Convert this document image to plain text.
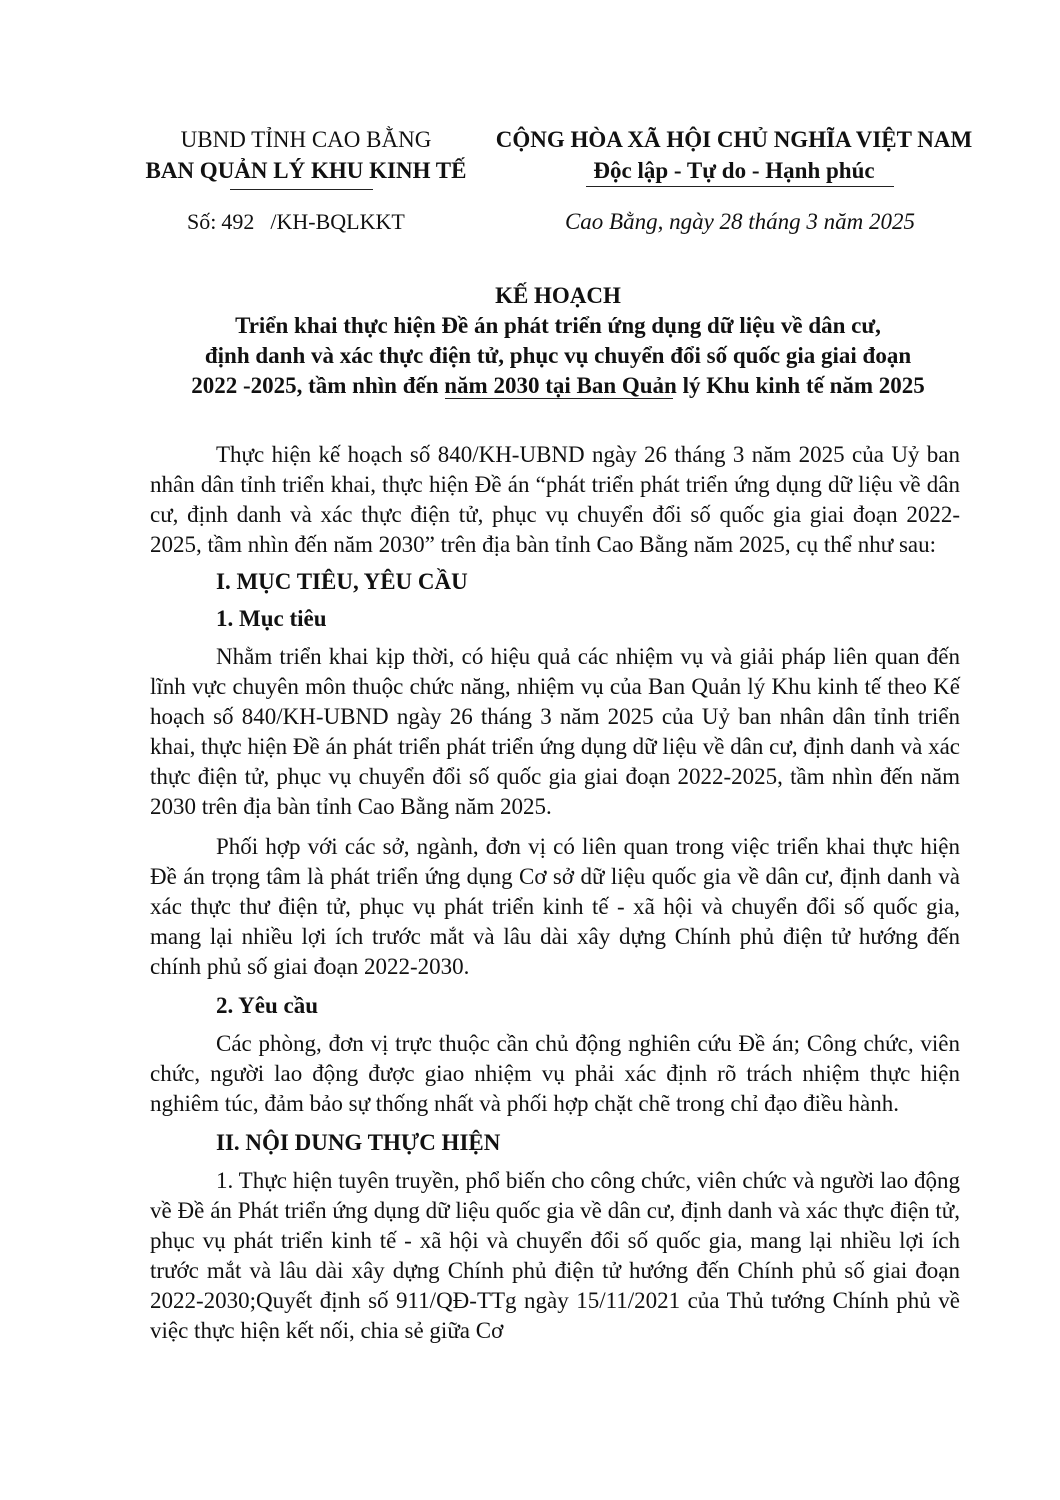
UBND TỈNH CAO BẰNG
BAN QUẢN LÝ KHU KINH TẾ
CỘNG HÒA XÃ HỘI CHỦ NGHĨA VIỆT NAM
Độc lập - Tự do - Hạnh phúc
Số: 492 /KH-BQLKKT	Cao Bằng, ngày 28 tháng 3 năm 2025
KẾ HOẠCH
Triển khai thực hiện Đề án phát triển ứng dụng dữ liệu về dân cư,
định danh và xác thực điện tử, phục vụ chuyển đổi số quốc gia giai đoạn
2022 -2025, tầm nhìn đến năm 2030 tại Ban Quản lý Khu kinh tế năm 2025

Thực hiện kế hoạch số 840/KH-UBND ngày 26 tháng 3 năm 2025 của Uỷ ban nhân dân tỉnh triển khai, thực hiện Đề án “phát triển phát triển ứng dụng dữ liệu về dân cư, định danh và xác thực điện tử, phục vụ chuyển đổi số quốc gia giai đoạn 2022-2025, tầm nhìn đến năm 2030” trên địa bàn tỉnh Cao Bằng năm 2025, cụ thể như sau:

I. MỤC TIÊU, YÊU CẦU

1. Mục tiêu

Nhằm triển khai kịp thời, có hiệu quả các nhiệm vụ và giải pháp liên quan đến lĩnh vực chuyên môn thuộc chức năng, nhiệm vụ của Ban Quản lý Khu kinh tế theo Kế hoạch số 840/KH-UBND ngày 26 tháng 3 năm 2025 của Uỷ ban nhân dân tỉnh triển khai, thực hiện Đề án phát triển phát triển ứng dụng dữ liệu về dân cư, định danh và xác thực điện tử, phục vụ chuyển đổi số quốc gia giai đoạn 2022-2025, tầm nhìn đến năm 2030 trên địa bàn tỉnh Cao Bằng năm 2025.

Phối hợp với các sở, ngành, đơn vị có liên quan trong việc triển khai thực hiện Đề án trọng tâm là phát triển ứng dụng Cơ sở dữ liệu quốc gia về dân cư, định danh và xác thực thư điện tử, phục vụ phát triển kinh tế - xã hội và chuyển đổi số quốc gia, mang lại nhiều lợi ích trước mắt và lâu dài xây dựng Chính phủ điện tử hướng đến chính phủ số giai đoạn 2022-2030.

2. Yêu cầu

Các phòng, đơn vị trực thuộc cần chủ động nghiên cứu Đề án; Công chức, viên chức, người lao động được giao nhiệm vụ phải xác định rõ trách nhiệm thực hiện nghiêm túc, đảm bảo sự thống nhất và phối hợp chặt chẽ trong chỉ đạo điều hành.

II. NỘI DUNG THỰC HIỆN

1. Thực hiện tuyên truyền, phổ biến cho công chức, viên chức và người lao động về Đề án Phát triển ứng dụng dữ liệu quốc gia về dân cư, định danh và xác thực điện tử, phục vụ phát triển kinh tế - xã hội và chuyển đổi số quốc gia, mang lại nhiều lợi ích trước mắt và lâu dài xây dựng Chính phủ điện tử hướng đến Chính phủ số giai đoạn 2022-2030;Quyết định số 911/QĐ-TTg ngày 15/11/2021 của Thủ tướng Chính phủ về việc thực hiện kết nối, chia sẻ giữa Cơ
